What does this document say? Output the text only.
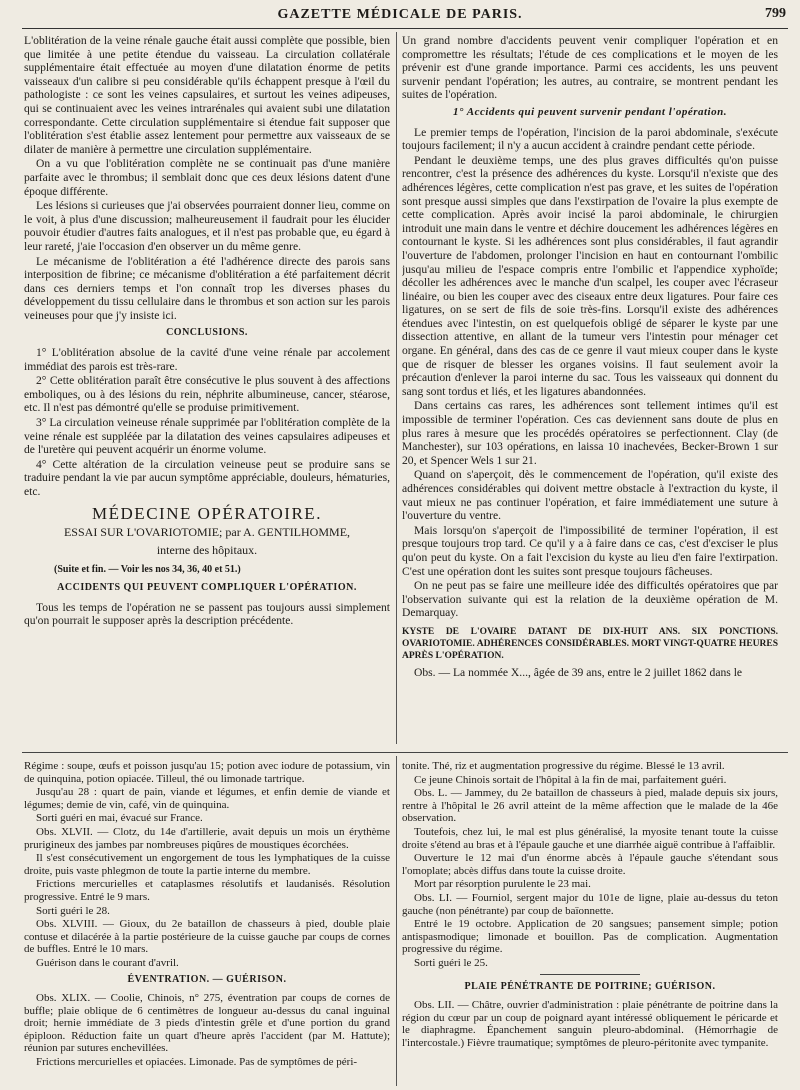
GAZETTE MÉDICALE DE PARIS.	799

L'oblitération de la veine rénale gauche était aussi complète que possible, bien que limitée à une petite étendue du vaisseau. La circulation collatérale supplémentaire était effectuée au moyen d'une dilatation énorme de petits vaisseaux d'un calibre si peu considérable qu'ils échappent presque à l'œil du pathologiste : ce sont les veines capsulaires, et surtout les veines adipeuses, qui se continuaient avec les veines intrarénales qui avaient subi une dilatation correspondante. Cette circulation supplémentaire si étendue fait supposer que l'oblitération s'est établie assez lentement pour permettre aux vaisseaux de se dilater de manière à permettre une circulation supplémentaire.

On a vu que l'oblitération complète ne se continuait pas d'une manière parfaite avec le thrombus; il semblait donc que ces deux lésions datent d'une époque différente.

Les lésions si curieuses que j'ai observées pourraient donner lieu, comme on le voit, à plus d'une discussion; malheureusement il faudrait pour les élucider pouvoir étudier d'autres faits analogues, et il n'est pas probable que, eu égard à leur rareté, j'aie l'occasion d'en observer un du même genre.

Le mécanisme de l'oblitération a été l'adhérence directe des parois sans interposition de fibrine; ce mécanisme d'oblitération a été parfaitement décrit dans ces derniers temps et l'on connaît trop les diverses phases du développement du tissu cellulaire dans le thrombus et son action sur les parois veineuses pour que j'y insiste ici.

CONCLUSIONS.

1° L'oblitération absolue de la cavité d'une veine rénale par accolement immédiat des parois est très-rare.

2° Cette oblitération paraît être consécutive le plus souvent à des affections emboliques, ou à des lésions du rein, néphrite albumineuse, cancer, stéarose, etc. Il n'est pas démontré qu'elle se produise primitivement.

3° La circulation veineuse rénale supprimée par l'oblitération complète de la veine rénale est suppléée par la dilatation des veines capsulaires adipeuses et de l'uretère qui peuvent acquérir un énorme volume.

4° Cette altération de la circulation veineuse peut se produire sans se traduire pendant la vie par aucun symptôme appréciable, douleurs, hématuries, etc.

MÉDECINE OPÉRATOIRE.
ESSAI SUR L'OVARIOTOMIE; par A. GENTILHOMME,
interne des hôpitaux.
(Suite et fin. — Voir les nos 34, 36, 40 et 51.)
ACCIDENTS QUI PEUVENT COMPLIQUER L'OPÉRATION.

Tous les temps de l'opération ne se passent pas toujours aussi simplement qu'on pourrait le supposer après la description précédente.

Un grand nombre d'accidents peuvent venir compliquer l'opération et en compromettre les résultats; l'étude de ces complications et le moyen de les prévenir est d'une grande importance. Parmi ces accidents, les uns peuvent survenir pendant l'opération; les autres, au contraire, se montrent pendant les suites de l'opération.

1° Accidents qui peuvent survenir pendant l'opération.

Le premier temps de l'opération, l'incision de la paroi abdominale, s'exécute toujours facilement; il n'y a aucun accident à craindre pendant cette période.

Pendant le deuxième temps, une des plus graves difficultés qu'on puisse rencontrer, c'est la présence des adhérences du kyste. Lorsqu'il n'existe que des adhérences légères, cette complication n'est pas grave, et les suites de l'opération sont presque aussi simples que dans l'exstirpation de l'ovaire la plus exempte de cette complication. Après avoir incisé la paroi abdominale, le chirurgien introduit une main dans le ventre et déchire doucement les adhérences légères en contournant le kyste. Si les adhérences sont plus considérables, il faut agrandir l'ouverture de l'abdomen, prolonger l'incision en haut en contournant l'ombilic jusqu'au milieu de l'espace compris entre l'ombilic et l'appendice xyphoïde; décoller les adhérences avec le manche d'un scalpel, les couper avec l'écraseur linéaire, ou bien les couper avec des ciseaux entre deux ligatures. Pour faire ces ligatures, on se sert de fils de soie très-fins. Lorsqu'il existe des adhérences étendues avec l'intestin, on est quelquefois obligé de séparer le kyste par une dissection attentive, en allant de la tumeur vers l'intestin pour ménager cet organe. En général, dans des cas de ce genre il vaut mieux couper dans le kyste que de risquer de blesser les organes voisins. Il faut seulement avoir la précaution d'enlever la paroi interne du sac. Tous les vaisseaux qui donnent du sang sont tordus et liés, et les ligatures abandonnées.

Dans certains cas rares, les adhérences sont tellement intimes qu'il est impossible de terminer l'opération. Ces cas deviennent sans doute de plus en plus rares à mesure que les procédés opératoires se perfectionnent. Clay (de Manchester), sur 103 opérations, en laissa 10 inachevées, Becker-Brown 1 sur 20, et Spencer Wels 1 sur 21.

Quand on s'aperçoit, dès le commencement de l'opération, qu'il existe des adhérences considérables qui doivent mettre obstacle à l'extraction du kyste, il vaut mieux ne pas continuer l'opération, et faire immédiatement une suture à l'ouverture du ventre.

Mais lorsqu'on s'aperçoit de l'impossibilité de terminer l'opération, il est presque toujours trop tard. Ce qu'il y a à faire dans ce cas, c'est d'exciser le plus qu'on peut du kyste. On a fait l'excision du kyste au lieu d'en faire l'extirpation. C'est une opération dont les suites sont presque toujours fâcheuses.

On ne peut pas se faire une meilleure idée des difficultés opératoires que par l'observation suivante qui est la relation de la deuxième opération de M. Demarquay.

KYSTE DE L'OVAIRE DATANT DE DIX-HUIT ANS. SIX PONCTIONS. OVARIOTOMIE. ADHÉRENCES CONSIDÉRABLES. MORT VINGT-QUATRE HEURES APRÈS L'OPÉRATION.

Obs. — La nommée X..., âgée de 39 ans, entre le 2 juillet 1862 dans le

Régime : soupe, œufs et poisson jusqu'au 15; potion avec iodure de potassium, vin de quinquina, potion opiacée. Tilleul, thé ou limonade tartrique.

Jusqu'au 28 : quart de pain, viande et légumes, et enfin demie de viande et légumes; demie de vin, café, vin de quinquina.

Sorti guéri en mai, évacué sur France.

Obs. XLVII. — Clotz, du 14e d'artillerie, avait depuis un mois un érythème prurigineux des jambes par nombreuses piqûres de moustiques écorchées.

Il s'est consécutivement un engorgement de tous les lymphatiques de la cuisse droite, puis vaste phlegmon de toute la partie interne du membre.

Frictions mercurielles et cataplasmes résolutifs et laudanisés. Résolution progressive. Entré le 9 mars.

Sorti guéri le 28.

Obs. XLVIII. — Gioux, du 2e bataillon de chasseurs à pied, double plaie contuse et dilacérée à la partie postérieure de la cuisse gauche par coups de cornes de buffles. Entré le 10 mars.

Guérison dans le courant d'avril.

ÉVENTRATION. — GUÉRISON.

Obs. XLIX. — Coolie, Chinois, n° 275, éventration par coups de cornes de buffle; plaie oblique de 6 centimètres de longueur au-dessus du canal inguinal droit; hernie immédiate de 3 pieds d'intestin grêle et d'une portion du grand épiploon. Réduction faite un quart d'heure après l'accident (par M. Hattute); réunion par sutures enchevillées.

Frictions mercurielles et opiacées. Limonade. Pas de symptômes de péri-

tonite. Thé, riz et augmentation progressive du régime. Blessé le 13 avril.

Ce jeune Chinois sortait de l'hôpital à la fin de mai, parfaitement guéri.

Obs. L. — Jammey, du 2e bataillon de chasseurs à pied, malade depuis six jours, rentre à l'hôpital le 26 avril atteint de la même affection que le malade de la 46e observation.

Toutefois, chez lui, le mal est plus généralisé, la myosite tenant toute la cuisse droite s'étend au bras et à l'épaule gauche et une diarrhée aiguë contribue à l'affaiblir.

Ouverture le 12 mai d'un énorme abcès à l'épaule gauche s'étendant sous l'omoplate; abcès diffus dans toute la cuisse droite.

Mort par résorption purulente le 23 mai.

Obs. LI. — Fourniol, sergent major du 101e de ligne, plaie au-dessus du teton gauche (non pénétrante) par coup de baïonnette.

Entré le 19 octobre. Application de 20 sangsues; pansement simple; potion antispasmodique; limonade et bouillon. Pas de complication. Augmentation progressive du régime.

Sorti guéri le 25.

PLAIE PÉNÉTRANTE DE POITRINE; GUÉRISON.

Obs. LII. — Châtre, ouvrier d'administration : plaie pénétrante de poitrine dans la région du cœur par un coup de poignard ayant intéressé obliquement le péricarde et le diaphragme. Épanchement sanguin pleuro-abdominal. (Hémorrhagie de l'intercostale.) Fièvre traumatique; symptômes de pleuro-péritonite avec tympanite.
